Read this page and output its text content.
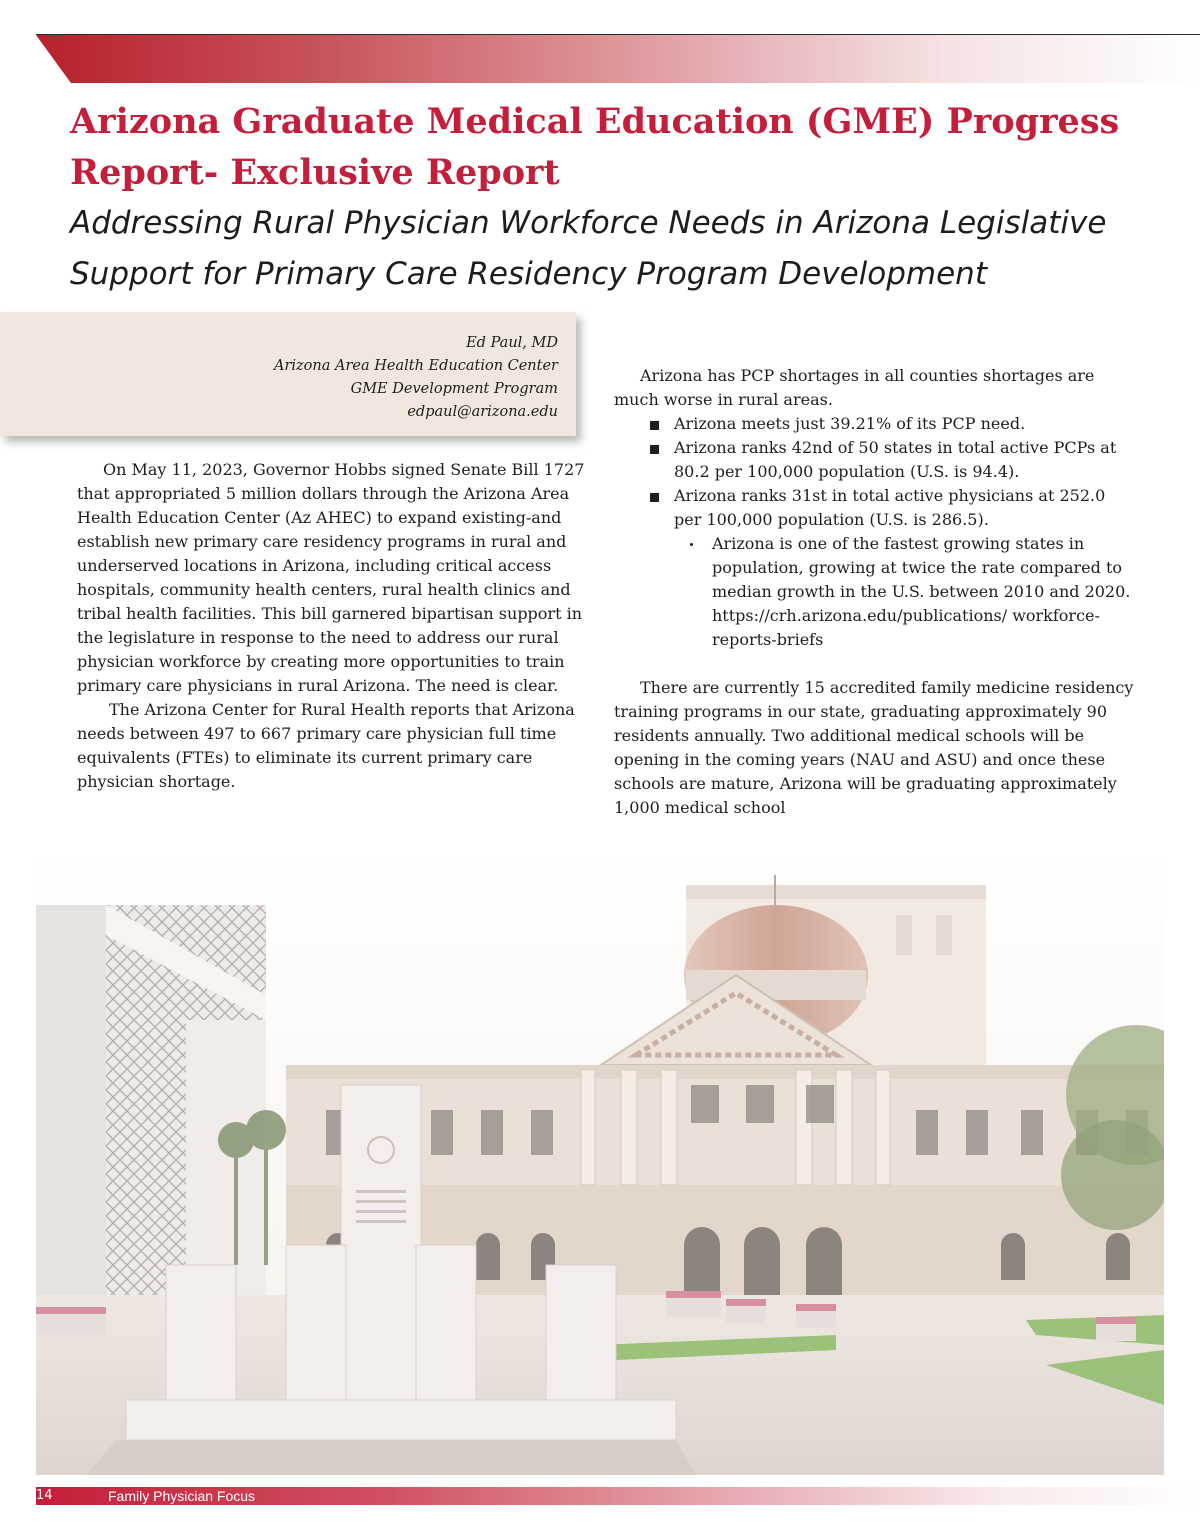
Arizona Graduate Medical Education (GME) Progress Report- Exclusive Report
Addressing Rural Physician Workforce Needs in Arizona Legislative Support for Primary Care Residency Program Development
Ed Paul, MD
Arizona Area Health Education Center
GME Development Program
edpaul@arizona.edu

On May 11, 2023, Governor Hobbs signed Senate Bill 1727 that appropriated 5 million dollars through the Arizona Area Health Education Center (Az AHEC) to expand existing-and establish new primary care residency programs in rural and underserved locations in Arizona, including critical access hospitals, community health centers, rural health clinics and tribal health facilities. This bill garnered bipartisan support in the legislature in response to the need to address our rural physician workforce by creating more opportunities to train primary care physicians in rural Arizona. The need is clear.

The Arizona Center for Rural Health reports that Arizona needs between 497 to 667 primary care physician full time equivalents (FTEs) to eliminate its current primary care physician shortage.

Arizona has PCP shortages in all counties shortages are much worse in rural areas.

Arizona meets just 39.21% of its PCP need.
Arizona ranks 42nd of 50 states in total active PCPs at 80.2 per 100,000 population (U.S. is 94.4).
Arizona ranks 31st in total active physicians at 252.0 per 100,000 population (U.S. is 286.5).
Arizona is one of the fastest growing states in population, growing at twice the rate compared to median growth in the U.S. between 2010 and 2020.
https://crh.arizona.edu/publications/ workforce-reports-briefs

There are currently 15 accredited family medicine residency training programs in our state, graduating approximately 90 residents annually. Two additional medical schools will be opening in the coming years (NAU and ASU) and once these schools are mature, Arizona will be graduating approximately 1,000 medical school

14	Family Physician Focus
